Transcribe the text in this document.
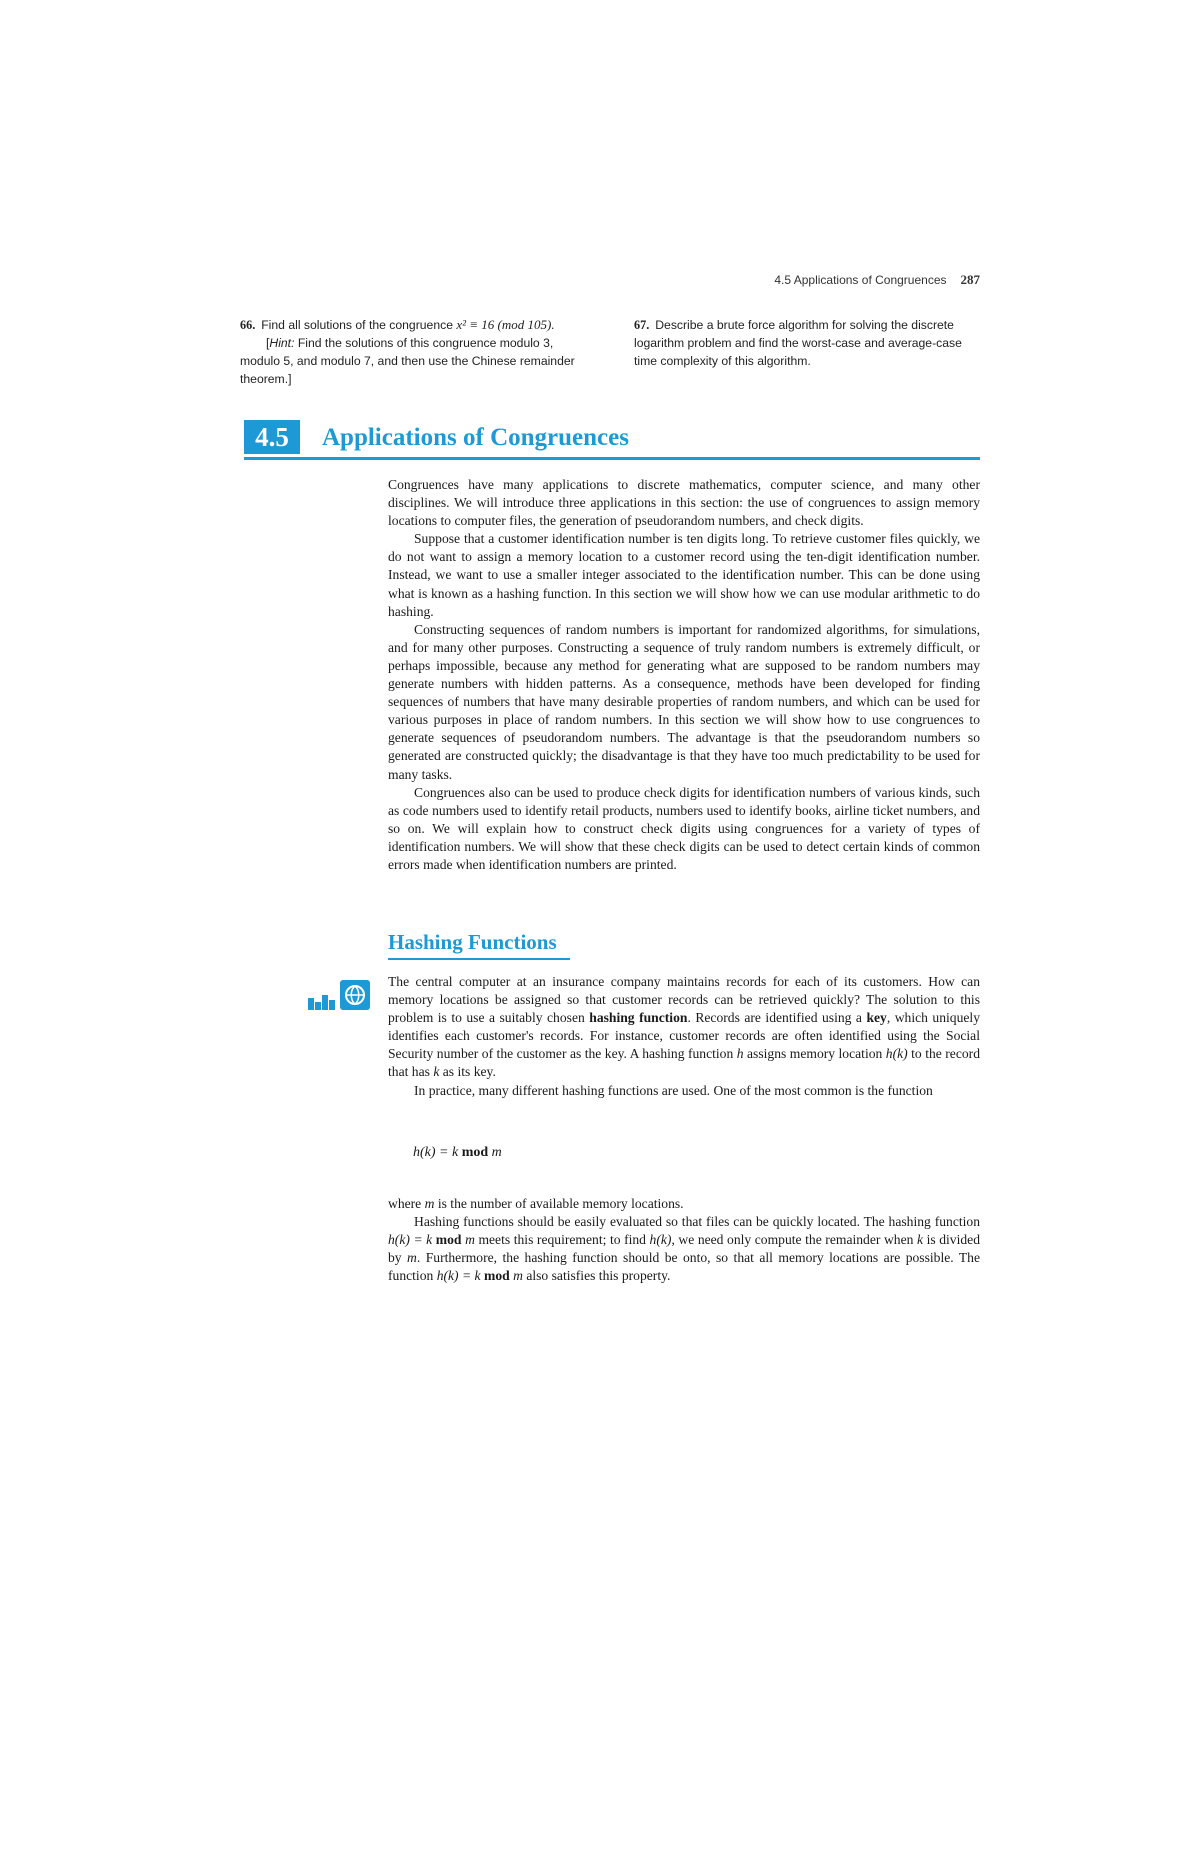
4.5 Applications of Congruences 287
66. Find all solutions of the congruence x² ≡ 16 (mod 105).
[Hint: Find the solutions of this congruence modulo 3, modulo 5, and modulo 7, and then use the Chinese remainder theorem.]
67. Describe a brute force algorithm for solving the discrete logarithm problem and find the worst-case and average-case time complexity of this algorithm.
4.5	Applications of Congruences

Congruences have many applications to discrete mathematics, computer science, and many other disciplines. We will introduce three applications in this section: the use of congruences to assign memory locations to computer files, the generation of pseudorandom numbers, and check digits.

Suppose that a customer identification number is ten digits long. To retrieve customer files quickly, we do not want to assign a memory location to a customer record using the ten-digit identification number. Instead, we want to use a smaller integer associated to the identification number. This can be done using what is known as a hashing function. In this section we will show how we can use modular arithmetic to do hashing.

Constructing sequences of random numbers is important for randomized algorithms, for simulations, and for many other purposes. Constructing a sequence of truly random numbers is extremely difficult, or perhaps impossible, because any method for generating what are supposed to be random numbers may generate numbers with hidden patterns. As a consequence, methods have been developed for finding sequences of numbers that have many desirable properties of random numbers, and which can be used for various purposes in place of random numbers. In this section we will show how to use congruences to generate sequences of pseudorandom numbers. The advantage is that the pseudorandom numbers so generated are constructed quickly; the disadvantage is that they have too much predictability to be used for many tasks.

Congruences also can be used to produce check digits for identification numbers of various kinds, such as code numbers used to identify retail products, numbers used to identify books, airline ticket numbers, and so on. We will explain how to construct check digits using congruences for a variety of types of identification numbers. We will show that these check digits can be used to detect certain kinds of common errors made when identification numbers are printed.

Hashing Functions

The central computer at an insurance company maintains records for each of its customers. How can memory locations be assigned so that customer records can be retrieved quickly? The solution to this problem is to use a suitably chosen hashing function. Records are identified using a key, which uniquely identifies each customer's records. For instance, customer records are often identified using the Social Security number of the customer as the key. A hashing function h assigns memory location h(k) to the record that has k as its key.

In practice, many different hashing functions are used. One of the most common is the function

h(k) = k mod m

where m is the number of available memory locations.

Hashing functions should be easily evaluated so that files can be quickly located. The hashing function h(k) = k mod m meets this requirement; to find h(k), we need only compute the remainder when k is divided by m. Furthermore, the hashing function should be onto, so that all memory locations are possible. The function h(k) = k mod m also satisfies this property.
